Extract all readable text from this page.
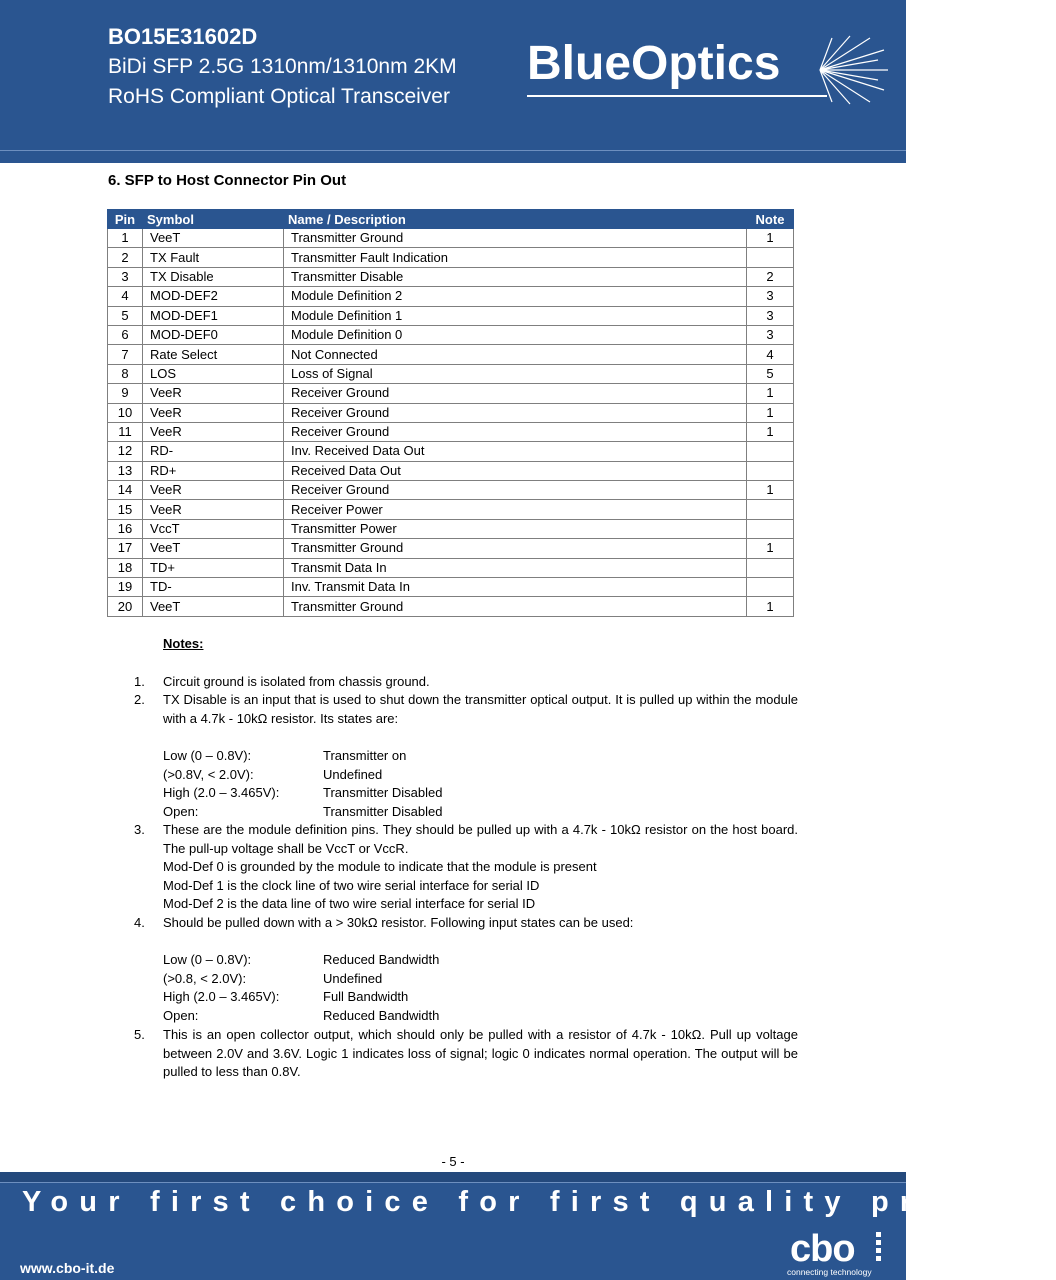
BO15E31602D
BiDi SFP 2.5G 1310nm/1310nm 2KM
RoHS Compliant Optical Transceiver
BlueOptics
6. SFP to Host Connector Pin Out
Pin	Symbol	Name / Description	Note
1	VeeT	Transmitter Ground	1
2	TX Fault	Transmitter Fault Indication	
3	TX Disable	Transmitter Disable	2
4	MOD-DEF2	Module Definition 2	3
5	MOD-DEF1	Module Definition 1	3
6	MOD-DEF0	Module Definition 0	3
7	Rate Select	Not Connected	4
8	LOS	Loss of Signal	5
9	VeeR	Receiver Ground	1
10	VeeR	Receiver Ground	1
11	VeeR	Receiver Ground	1
12	RD-	Inv. Received Data Out	
13	RD+	Received Data Out	
14	VeeR	Receiver Ground	1
15	VeeR	Receiver Power	
16	VccT	Transmitter Power	
17	VeeT	Transmitter Ground	1
18	TD+	Transmit Data In	
19	TD-	Inv. Transmit Data In	
20	VeeT	Transmitter Ground	1
Notes:
1. Circuit ground is isolated from chassis ground.
2. TX Disable is an input that is used to shut down the transmitter optical output. It is pulled up within the module with a 4.7k - 10kΩ resistor. Its states are:
Low (0 – 0.8V):	Transmitter on
(>0.8V, < 2.0V):	Undefined
High (2.0 – 3.465V):	Transmitter Disabled
Open:	Transmitter Disabled
3. These are the module definition pins. They should be pulled up with a 4.7k - 10kΩ resistor on the host board. The pull-up voltage shall be VccT or VccR.
Mod-Def 0 is grounded by the module to indicate that the module is present
Mod-Def 1 is the clock line of two wire serial interface for serial ID
Mod-Def 2 is the data line of two wire serial interface for serial ID
4. Should be pulled down with a > 30kΩ resistor. Following input states can be used:
Low (0 – 0.8V):	Reduced Bandwidth
(>0.8, < 2.0V):	Undefined
High (2.0 – 3.465V):	Full Bandwidth
Open:	Reduced Bandwidth
5. This is an open collector output, which should only be pulled with a resistor of 4.7k - 10kΩ. Pull up voltage between 2.0V and 3.6V. Logic 1 indicates loss of signal; logic 0 indicates normal operation. The output will be pulled to less than 0.8V.
- 5 -
Your first choice for first quality prodcts
www.cbo-it.de	cbo
connecting technology
